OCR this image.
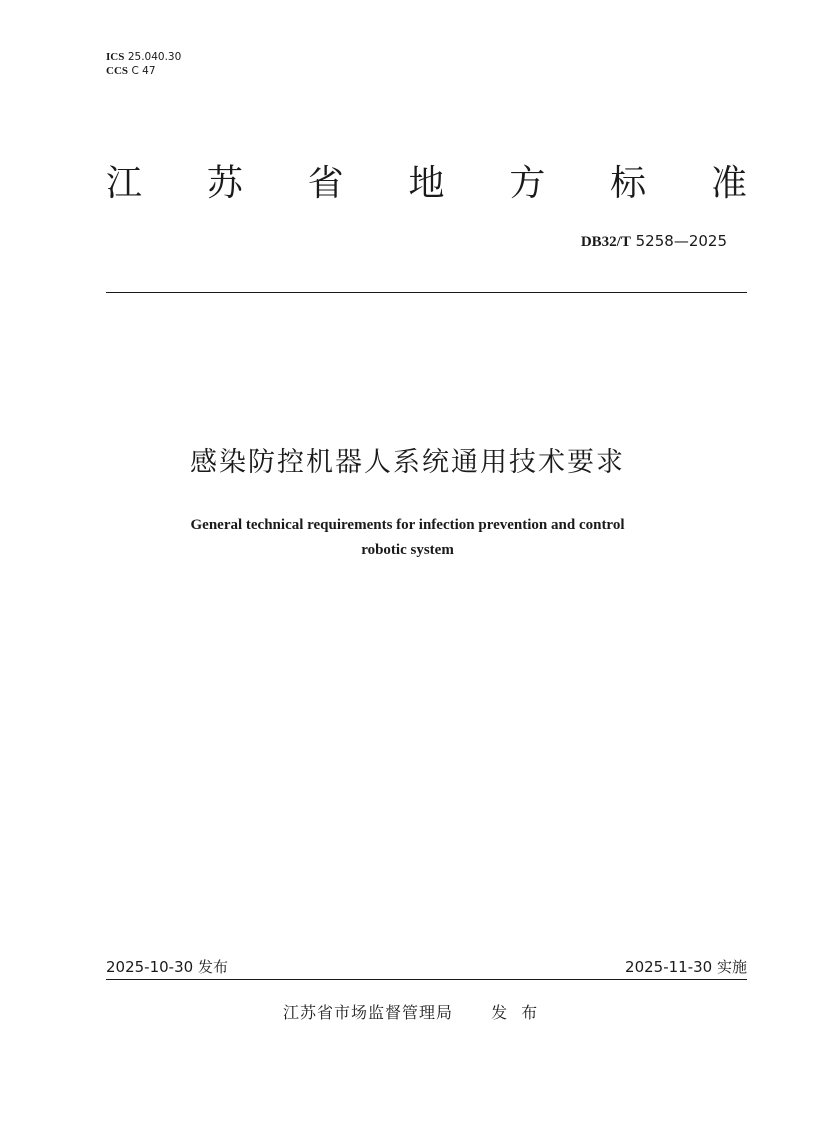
ICS 25.040.30
CCS C 47
江 苏 省 地 方 标 准
DB32/T 5258—2025
感染防控机器人系统通用技术要求
General technical requirements for infection prevention and control
robotic system
2025-10-30 发布	2025-11-30 实施
江苏省市场监督管理局 发布
